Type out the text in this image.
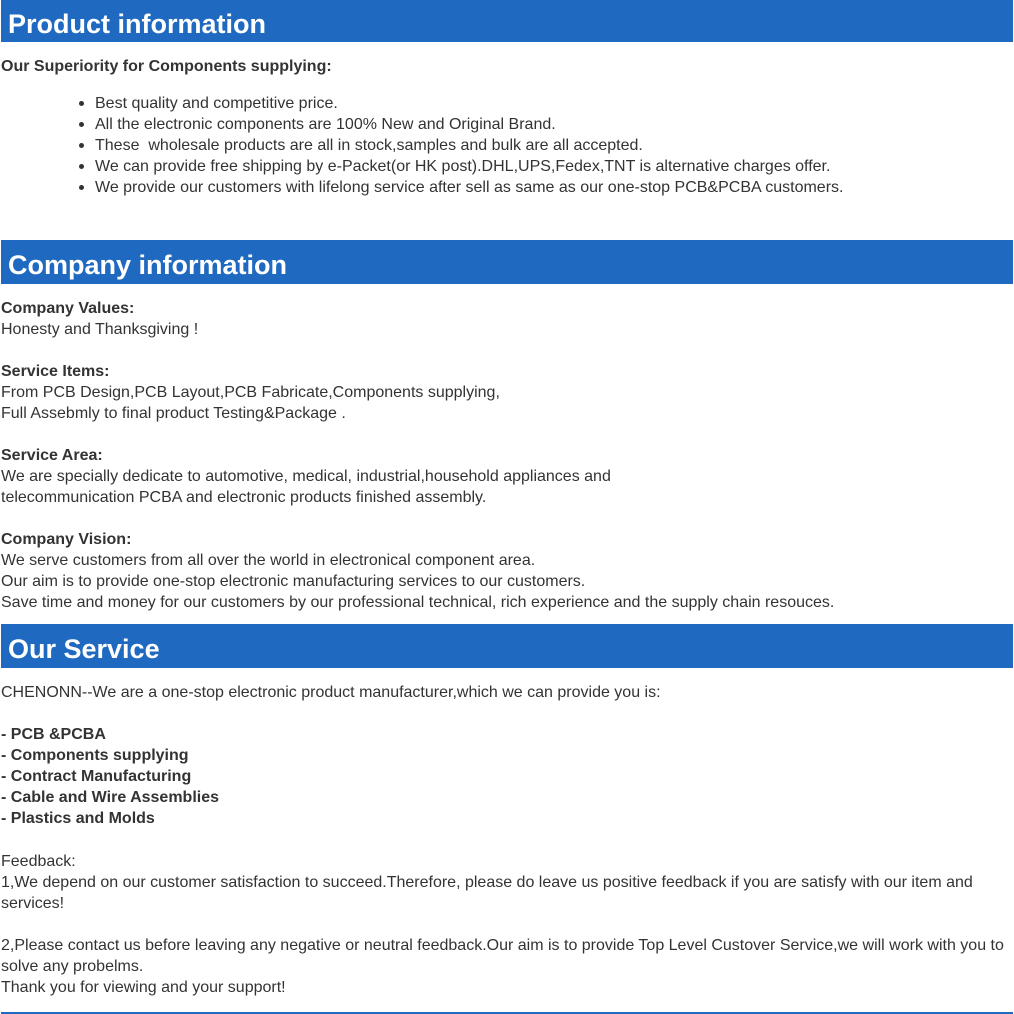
Product information
Our Superiority for Components supplying:
Best quality and competitive price.
All the electronic components are 100% New and Original Brand.
These  wholesale products are all in stock,samples and bulk are all accepted.
We can provide free shipping by e-Packet(or HK post).DHL,UPS,Fedex,TNT is alternative charges offer.
We provide our customers with lifelong service after sell as same as our one-stop PCB&PCBA customers.
Company information
Company Values:
Honesty and Thanksgiving !
Service Items:
From PCB Design,PCB Layout,PCB Fabricate,Components supplying,
Full Assebmly to final product Testing&Package .
Service Area:
We are specially dedicate to automotive, medical, industrial,household appliances and
telecommunication PCBA and electronic products finished assembly.
Company Vision:
We serve customers from all over the world in electronical component area.
Our aim is to provide one-stop electronic manufacturing services to our customers.
Save time and money for our customers by our professional technical, rich experience and the supply chain resouces.
Our Service
CHENONN--We are a one-stop electronic product manufacturer,which we can provide you is:
- PCB &PCBA
- Components supplying
- Contract Manufacturing
- Cable and Wire Assemblies
- Plastics and Molds
Feedback:
1,We depend on our customer satisfaction to succeed.Therefore, please do leave us positive feedback if you are satisfy with our item and services!
2,Please contact us before leaving any negative or neutral feedback.Our aim is to provide Top Level Custover Service,we will work with you to solve any probelms.
Thank you for viewing and your support!
